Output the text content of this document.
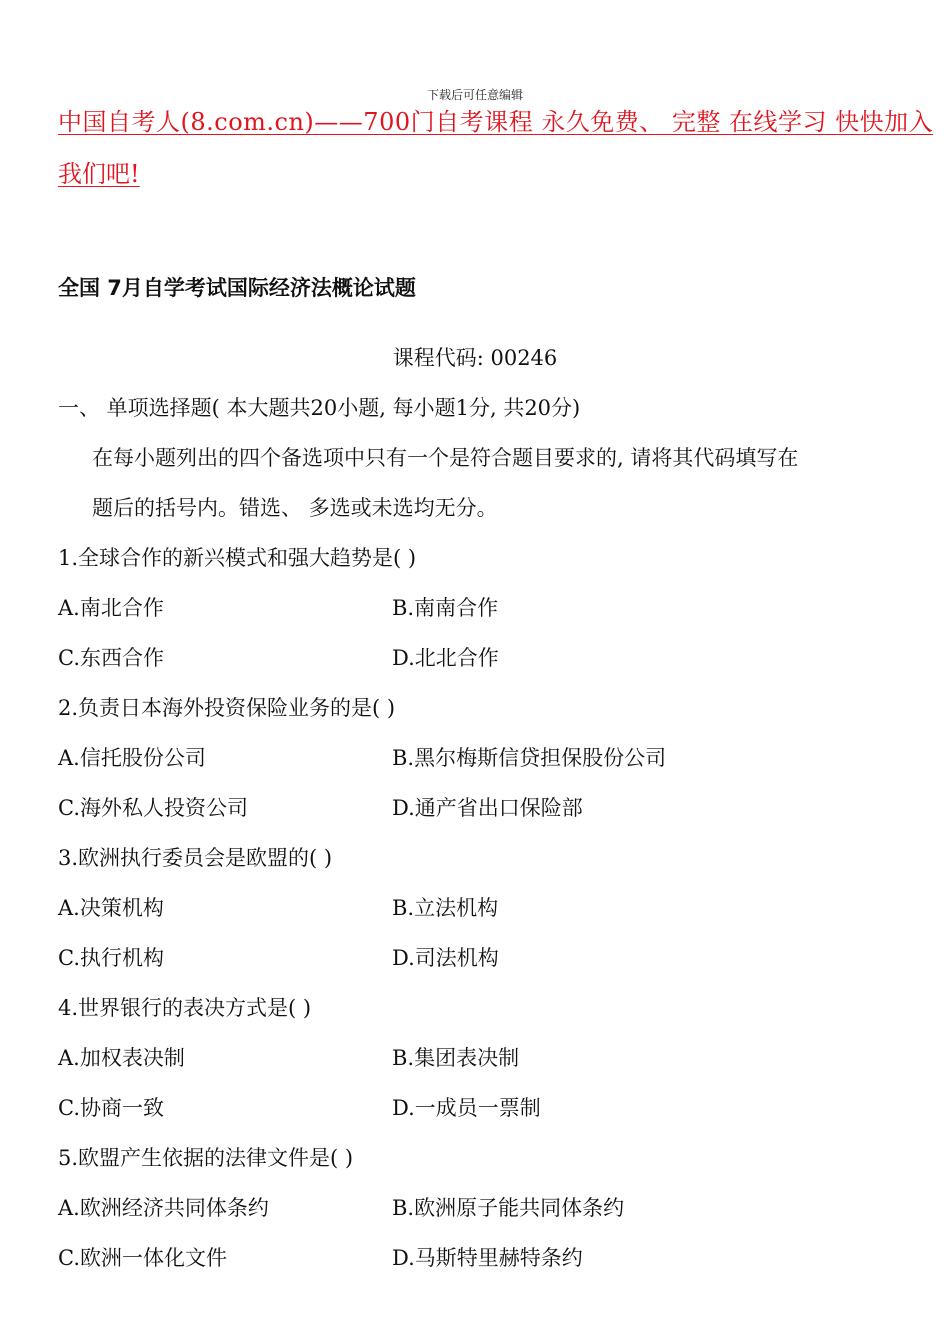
下载后可任意编辑
中国自考人(8.com.cn)——700门自考课程 永久免费、 完整 在线学习 快快加入
我们吧!
全国 7月自学考试国际经济法概论试题
课程代码: 00246
一、 单项选择题( 本大题共20小题, 每小题1分, 共20分)
在每小题列出的四个备选项中只有一个是符合题目要求的, 请将其代码填写在
题后的括号内。错选、 多选或未选均无分。
1.全球合作的新兴模式和强大趋势是( )
A.南北合作	B.南南合作
C.东西合作	D.北北合作
2.负责日本海外投资保险业务的是( )
A.信托股份公司	B.黑尔梅斯信贷担保股份公司
C.海外私人投资公司	D.通产省出口保险部
3.欧洲执行委员会是欧盟的( )
A.决策机构	B.立法机构
C.执行机构	D.司法机构
4.世界银行的表决方式是( )
A.加权表决制	B.集团表决制
C.协商一致	D.一成员一票制
5.欧盟产生依据的法律文件是( )
A.欧洲经济共同体条约	B.欧洲原子能共同体条约
C.欧洲一体化文件	D.马斯特里赫特条约
